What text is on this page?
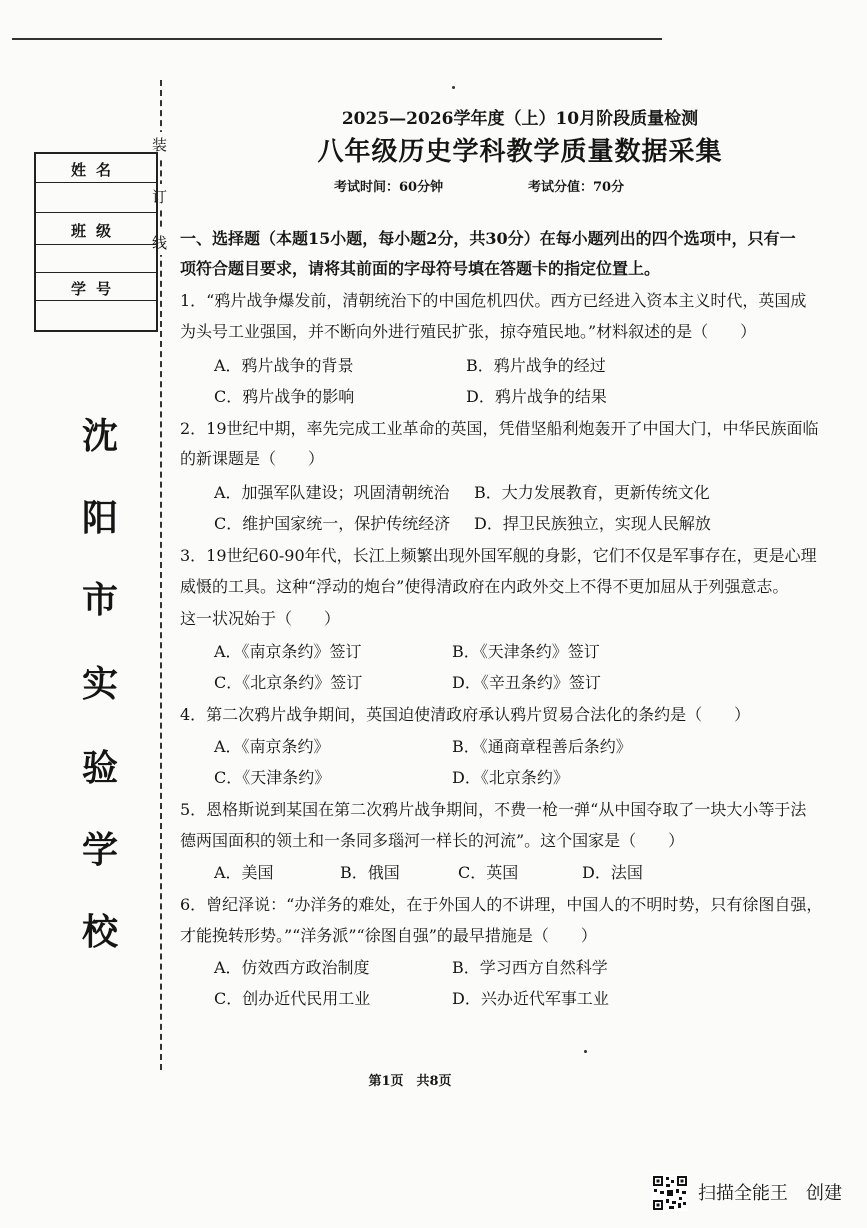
装
订
线
姓名
班级
学号
沈
阳
市
实
验
学
校
2025—2026学年度（上）10月阶段质量检测
八年级历史学科教学质量数据采集
考试时间：60分钟	考试分值：70分
一、选择题（本题15小题，每小题2分，共30分）在每小题列出的四个选项中，只有一
项符合题目要求，请将其前面的字母符号填在答题卡的指定位置上。
1．“鸦片战争爆发前，清朝统治下的中国危机四伏。西方已经进入资本主义时代，英国成
为头号工业强国，并不断向外进行殖民扩张，掠夺殖民地。”材料叙述的是（　　）
A．鸦片战争的背景	B．鸦片战争的经过
C．鸦片战争的影响	D．鸦片战争的结果
2．19世纪中期，率先完成工业革命的英国，凭借坚船利炮轰开了中国大门，中华民族面临
的新课题是（　　）
A．加强军队建设；巩固清朝统治 B．大力发展教育，更新传统文化
C．维护国家统一，保护传统经济 D．捍卫民族独立，实现人民解放
3．19世纪60-90年代，长江上频繁出现外国军舰的身影，它们不仅是军事存在，更是心理
威慑的工具。这种“浮动的炮台”使得清政府在内政外交上不得不更加屈从于列强意志。
这一状况始于（　　）
A．《南京条约》签订	B．《天津条约》签订
C．《北京条约》签订	D．《辛丑条约》签订
4．第二次鸦片战争期间，英国迫使清政府承认鸦片贸易合法化的条约是（　　）
A．《南京条约》	B．《通商章程善后条约》
C．《天津条约》	D．《北京条约》
5．恩格斯说到某国在第二次鸦片战争期间，不费一枪一弹“从中国夺取了一块大小等于法
德两国面积的领土和一条同多瑙河一样长的河流”。这个国家是（　　）
A．美国	B．俄国	C．英国	D．法国
6．曾纪泽说：“办洋务的难处，在于外国人的不讲理，中国人的不明时势，只有徐图自强，
才能挽转形势。”“洋务派”“徐图自强”的最早措施是（　　）
A．仿效西方政治制度	B．学习西方自然科学
C．创办近代民用工业	D．兴办近代军事工业
第1页　共8页
扫描全能王　创建
